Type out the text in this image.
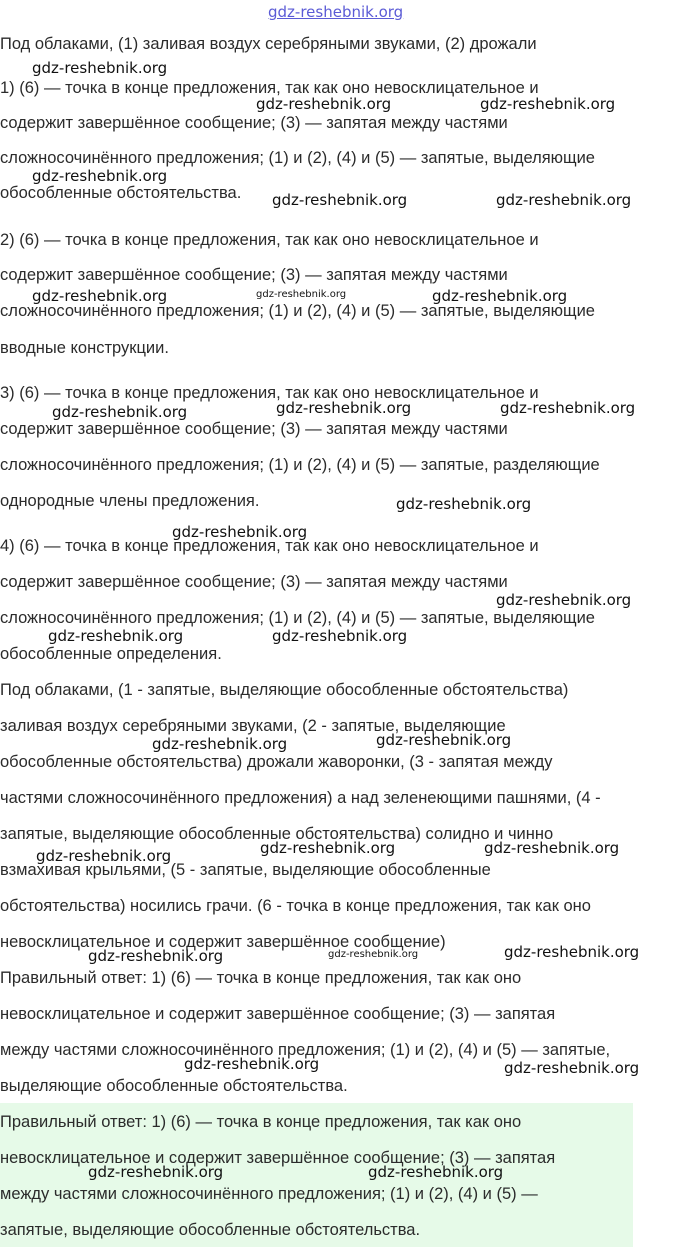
gdz-reshebnik.org

Под облаками, (1) заливая воздух серебряными звуками, (2) дрожали

1) (6) — точка в конце предложения, так как оно невосклицательное и

содержит завершённое сообщение; (3) — запятая между частями

сложносочинённого предложения; (1) и (2), (4) и (5) — запятые, выделяющие

обособленные обстоятельства.

2) (6) — точка в конце предложения, так как оно невосклицательное и

содержит завершённое сообщение; (3) — запятая между частями

сложносочинённого предложения; (1) и (2), (4) и (5) — запятые, выделяющие

вводные конструкции.

3) (6) — точка в конце предложения, так как оно невосклицательное и

содержит завершённое сообщение; (3) — запятая между частями

сложносочинённого предложения; (1) и (2), (4) и (5) — запятые, разделяющие

однородные члены предложения.

4) (6) — точка в конце предложения, так как оно невосклицательное и

содержит завершённое сообщение; (3) — запятая между частями

сложносочинённого предложения; (1) и (2), (4) и (5) — запятые, выделяющие

обособленные определения.

Под облаками, (1 - запятые, выделяющие обособленные обстоятельства)

заливая воздух серебряными звуками, (2 - запятые, выделяющие

обособленные обстоятельства) дрожали жаворонки, (3 - запятая между

частями сложносочинённого предложения) а над зеленеющими пашнями, (4 -

запятые, выделяющие обособленные обстоятельства) солидно и чинно

взмахивая крыльями, (5 - запятые, выделяющие обособленные

обстоятельства) носились грачи. (6 - точка в конце предложения, так как оно

невосклицательное и содержит завершённое сообщение)

Правильный ответ: 1) (6) — точка в конце предложения, так как оно

невосклицательное и содержит завершённое сообщение; (3) — запятая

между частями сложносочинённого предложения; (1) и (2), (4) и (5) — запятые,

выделяющие обособленные обстоятельства.

Правильный ответ: 1) (6) — точка в конце предложения, так как оно

невосклицательное и содержит завершённое сообщение; (3) — запятая

между частями сложносочинённого предложения; (1) и (2), (4) и (5) —

запятые, выделяющие обособленные обстоятельства.

gdz-reshebnik.org

gdz-reshebnik.org	gdz-reshebnik.org

gdz-reshebnik.org

gdz-reshebnik.org	gdz-reshebnik.org

gdz-reshebnik.org	gdz-reshebnik.org	gdz-reshebnik.org

gdz-reshebnik.org	gdz-reshebnik.org	gdz-reshebnik.org

gdz-reshebnik.org

gdz-reshebnik.org

gdz-reshebnik.org

gdz-reshebnik.org	gdz-reshebnik.org

gdz-reshebnik.org	gdz-reshebnik.org

gdz-reshebnik.org	gdz-reshebnik.org	gdz-reshebnik.org

gdz-reshebnik.org	gdz-reshebnik.org	gdz-reshebnik.org

gdz-reshebnik.org	gdz-reshebnik.org

gdz-reshebnik.org	gdz-reshebnik.org
